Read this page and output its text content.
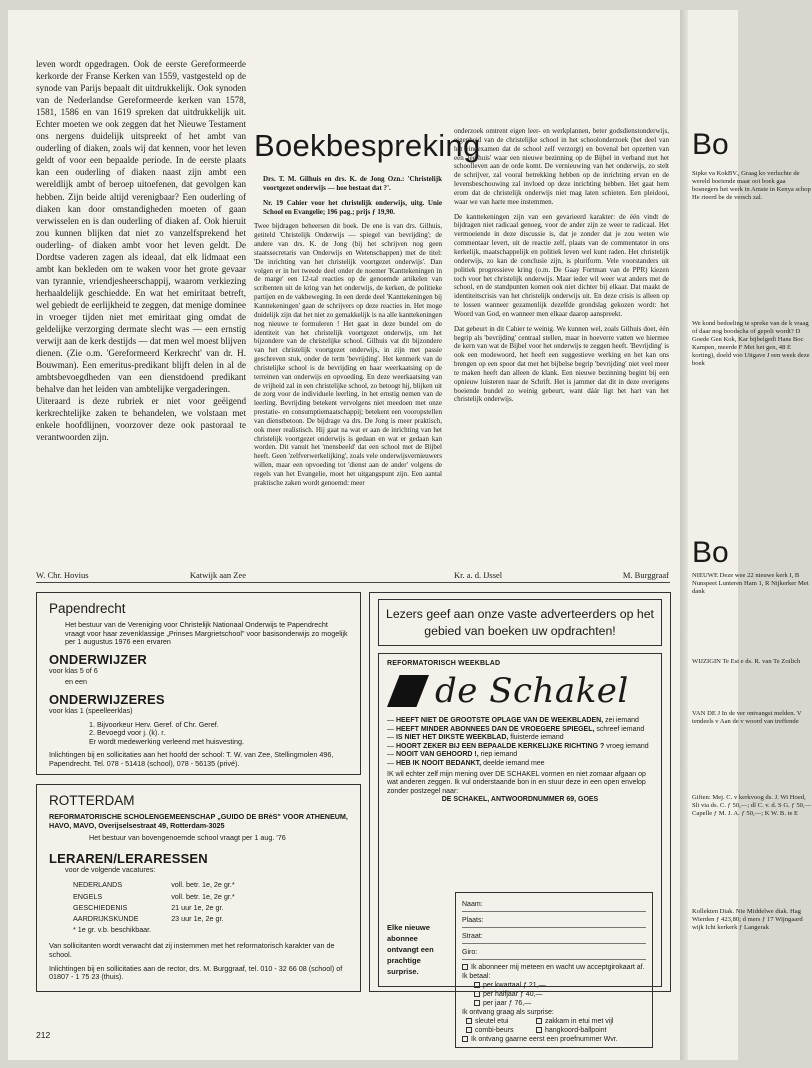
Bo
Sipke va KokBV., Graag ko verluchte de wereld boeiende maar ooi boek gaa bosnegers het werk in Amste in Kenya schop He rieerd be de versch zal.
We kond bedoeling te spreke van de k vraag of daar nog boodscha of gepoli wordt? D Goede Gen Kok, Kar bijbelgedi Hans Boc Kampen, meerde F Met het gen, 48 E korting), doeld voo Uitgave J een week deze boek
Bo
NIEUWE Deze wee 22 nieuwe kerk I, B Nunspeet Lunteren Ham 1, R Nijkerker Met dank
WIJZIGIN Te Est e ds. R. van Te Zoilich
VAN DE J In de ver ontvangst melden. V tendeels v Aan de v woord van treffende
Giften: Mej. C. v kerkvoog ds. J. Wi Hoed, Sli via ds. C. ƒ 50,—; dl C. v. d. S G. ƒ 50,— Capelle ƒ M. J. A. ƒ 50,—; K W. B. te E
Kollekten Diak. Nie Middelwe diak. Hag Wierden ƒ 423,80; d mers ƒ 17 Wijngaard wijk Icht kerkerk ƒ Langerak

leven wordt opgedragen. Ook de eerste Gereformeerde kerkorde der Franse Kerken van 1559, vastgesteld op de synode van Parijs bepaalt dit uitdrukkelijk. Ook synoden van de Nederlandse Gereformeerde kerken van 1578, 1581, 1586 en van 1619 spreken dat uitdrukkelijk uit. Echter moeten we ook zeggen dat het Nieuwe Testament ons nergens duidelijk uitspreekt of het ambt van ouderling of diaken, zoals wij dat kennen, voor het leven geldt of voor een bepaalde periode. In de eerste plaats kan een ouderling of diaken naast zijn ambt een wereldlijk ambt of beroep uitoefenen, dat gevolgen kan hebben. Zijn beide altijd verenigbaar? Een ouderling of diaken kan door omstandigheden moeten of gaan verwisselen en is dan ouderling of diaken af. Ook hieruit zou kunnen blijken dat niet zo vanzelfsprekend het ouderling- of diaken ambt voor het leven geldt. De Dordtse vaderen zagen als ideaal, dat elk lidmaat een ambt kan bekleden om te waken voor het grote gevaar van tyrannie, vriendjesheerschappij, waarom verkiezing herhaaldelijk geschiedde. En wat het emiritaat betreft, wel gebiedt de eerlijkheid te zeggen, dat menige dominee in vroeger tijden niet met emiritaat ging omdat de geldelijke verzorging dermate slecht was — een ernstig verwijt aan de kerk destijds — dat men wel moest blijven dienen. (Zie o.m. 'Gereformeerd Kerkrecht' van dr. H. Bouwman). Een emeritus-predikant blijft delen in al de ambtsbevoegdheden van een dienstdoend predikant behalve dan het leiden van ambtelijke vergaderingen.

Uiteraard is deze rubriek er niet voor geëigend kerkrechtelijke zaken te behandelen, we volstaan met enkele hoofdlijnen, voorzover deze ook pastoraal te verantwoorden zijn.

W. Chr. Hovius	Katwijk aan Zee
Boekbespreking

Drs. T. M. Gilhuis en drs. K. de Jong Ozn.: 'Christelijk voortgezet onderwijs — hoe bestaat dat ?'.

Nr. 19 Cahier voor het christelijk onderwijs, uitg. Unie School en Evangelie; 196 pag.; prijs ƒ 19,90.

Twee bijdragen beheersen dit boek. De ene is van drs. Gilhuis, getiteld 'Christelijk Onderwijs — spiegel van bevrijding'; de andere van drs. K. de Jong (bij het schrijven nog geen staatssecretaris van Onderwijs en Wetenschappen) met de titel: 'De inrichting van het christelijk voortgezet onderwijs'. Dan volgen er in het tweede deel onder de noemer 'Kanttekeningen in de marge' een 12-tal reacties op de genoemde artikelen van scribenten uit de kring van het onderwijs, de kerken, de politieke partijen en de vakbeweging. In een derde deel 'Kanttekeningen bij Kanttekeningen' gaan de schrijvers op deze reacties in. Het moge duidelijk zijn dat het niet zo gemakkelijk is na alle kanttekeningen nog nieuwe te formuleren ! Het gaat in deze bundel om de identiteit van het christelijk voortgezet onderwijs, om het bijzondere van de christelijke school. Gilhuis vat dit bijzondere van het christelijk voortgezet onderwijs, in zijn met passie geschreven stuk, onder de term 'bevrijding'. Het kenmerk van de christelijke school is de bevrijding en haar weerkaatsing op de terreinen van onderwijs en opvoeding. En deze weerkaatsing van de vrijheid zal in een christelijke school, zo betoogt hij, blijken uit de zorg voor de individuele leerling, in het ernstig nemen van de leerling. Bevrijding betekent vervolgens niet meedoen met onze prestatie- en consumptiemaatschappij; betekent een vooropstellen van dienstbetoon. De bijdrage va drs. De Jong is meer praktisch, ook meer realistisch. Hij gaat na wat er aan de inrichting van het christelijk voortgezet onderwijs is gedaan en wat er gedaan kan worden. Dit vanuit het 'mensbeeld' dat een school met de Bijbel heeft. Geen 'zelfverwerkelijking', zoals vele onderwijsvernieuwers willen, maar een opvoeding tot 'dienst aan de ander' volgens de regels van het Evangelie, moet het uitgangspunt zijn. Een aantal praktische zaken wordt genoemd: meer

onderzoek omtrent eigen leer- en werkplannen, beter godsdienstonderwijs, eigenheid van de christelijke school in het schoolonderzoek (het deel van het eindexamen dat de school zelf verzorgt) en bovenal het opzetten van een 'leerhuis' waar een nieuwe bezinning op de Bijbel in verband met het schoolleven aan de orde komt. De vernieuwing van het onderwijs, zo stelt de schrijver, zal vooral betrekking hebben op de inrichting ervan en de levensbeschouwing zal invloed op deze inrichting hebben. Het gaat hem erom dat de christelijk onderwijs niet mag laten schieten. Een pleidooi, waar we van harte mee instemmen.

De kanttekeningen zijn van een gevarieerd karakter: de één vindt de bijdragen niet radicaal genoeg, voor de ander zijn ze weer te radicaal. Het vermoeiende in deze discussie is, dat je zonder dat je zou weten wie commentaar levert, uit de reactie zelf, plaats van de commentator in ons kerkelijk, maatschappelijk en politiek leven wel kunt raden. Het christelijk onderwijs, zo kan de conclusie zijn, is pluriform. Vele voorstanders uit politiek progressieve kring (o.m. De Gaay Fortman van de PPR) kiezen toch voor het christelijk onderwijs. Maar ieder wil weer wat anders met de school, en de standpunten komen ook niet dichter bij elkaar. Dat maakt de identiteitscrisis van het christelijk onderwijs uit. En deze crisis is alleen op te lossen wanneer gezamenlijk dezelfde grondslag gekozen wordt: het Woord van God, en wanneer men elkaar daarop aanspreekt.

Dat gebeurt in dit Cahier te weinig. We kunnen wel, zoals Gilhuis doet, één begrip als 'bevrijding' centraal stellen, maar in hoeverre vatten we hiermee de kern van wat de Bijbel voor het onderwijs te zeggen heeft. 'Bevrijding' is ook een modewoord, het heeft een suggestieve werking en het kan ons brengen op een spoor dat met het bijbelse begrip 'bevrijding' niet veel meer te maken heeft dan alleen de klank. Een nieuwe bezinning begint bij een opnieuw luisteren naar de Schrift. Het is jammer dat dit in deze overigens boeiende bundel zo weinig gebeurt, want dáár ligt het hart van het christelijk onderwijs.

Kr. a. d. IJssel	M. Burggraaf
Papendrecht
Het bestuur van de Vereniging voor Christelijk Nationaal Onderwijs te Papendrecht vraagt voor haar zevenklassige „Prinses Margrietschool" voor basisonderwijs zo mogelijk per 1 augustus 1976 een ervaren
ONDERWIJZER
voor klas 5 of 6
en een
ONDERWIJZERES
voor klas 1 (speelleerklas)
1. Bijvoorkeur Herv. Geref. of Chr. Geref.
2. Bevoegd voor j. (k). r.
Er wordt medewerking verleend met huisvesting.
Inlichtingen bij en sollicitaties aan het hoofd der school: T. W. van Zee, Stellingmolen 496, Papendrecht. Tel. 078 - 51418 (school), 078 - 56135 (privé).
ROTTERDAM
REFORMATORISCHE SCHOLENGEMEENSCHAP „GUIDO DE BRèS" VOOR ATHENEUM, HAVO, MAVO, Overijselsestraat 49, Rotterdam-3025
Het bestuur van bovengenoemde school vraagt per 1 aug. '76
LERAREN/LERARESSEN
voor de volgende vacatures:
NEDERLANDS	voll. betr. 1e, 2e gr.*
ENGELS	voll. betr. 1e, 2e gr.*
GESCHIEDENIS	21 uur 1e, 2e gr.
AARDRIJKSKUNDE	23 uur 1e, 2e gr.
* 1e gr. v.b. beschikbaar.	
Van sollicitanten wordt verwacht dat zij instemmen met het reformatorisch karakter van de school.
Inlichtingen bij en sollicitaties aan de rector, drs. M. Burggraaf, tel. 010 - 32 66 08 (school) of 01807 - 1 75 23 (thuis).
Lezers geef aan onze vaste adverteerders op het gebied van boeken uw opdrachten!
REFORMATORISCH WEEKBLAD
de Schakel
— HEEFT NIET DE GROOTSTE OPLAGE VAN DE WEEKBLADEN, zei iemand
— HEEFT MINDER ABONNEES DAN DE VROEGERE SPIEGEL, schreef iemand
— IS NIET HET DIKSTE WEEKBLAD, fluisterde iemand
— HOORT ZEKER BIJ EEN BEPAALDE KERKELIJKE RICHTING ? vroeg iemand
— NOOIT VAN GEHOORD !, riep iemand
— HEB IK NOOIT BEDANKT, deelde iemand mee
IK wil echter zelf mijn mening over DE SCHAKEL vormen en niet zomaar afgaan op wat anderen zeggen. Ik vul onderstaande bon in en stuur deze in een open envelop zonder postzegel naar:
DE SCHAKEL, ANTWOORDNUMMER 69, GOES
Elke nieuwe
abonnee
ontvangt een
prachtige
surprise.
Naam:
Plaats:
Straat:
Giro:
Ik abonneer mij meteen en wacht uw acceptgirokaart af. Ik betaal:
per kwartaal ƒ 21,—
per halfjaar ƒ 40,—
per jaar ƒ 76,—
Ik ontvang graag als surprise:
sleutel etui	zakkam in etui met vijl
combi-beurs	hangkoord-ballpoint
Ik ontvang gaarne eerst een proefnummer Wvr.
212
